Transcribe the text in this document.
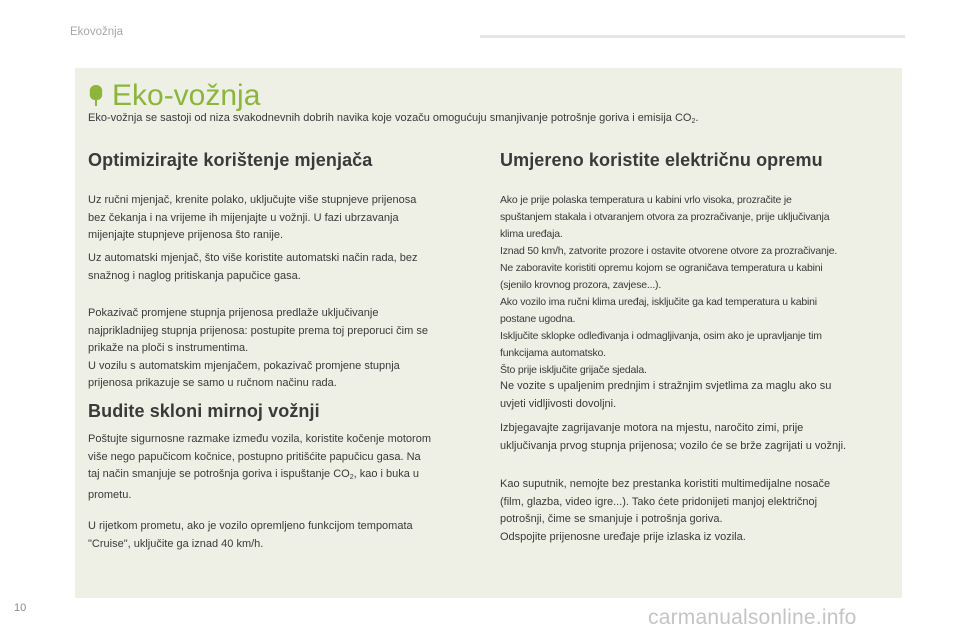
Ekovožnja
Eko-vožnja
Eko-vožnja se sastoji od niza svakodnevnih dobrih navika koje vozaču omogućuju smanjivanje potrošnje goriva i emisija $CO_2$.
Optimizirajte korištenje mjenjača
Uz ručni mjenjač, krenite polako, uključujte više stupnjeve prijenosa
bez čekanja i na vrijeme ih mijenjajte u vožnji. U fazi ubrzavanja
mijenjajte stupnjeve prijenosa što ranije.
Uz automatski mjenjač, što više koristite automatski način rada, bez
snažnog i naglog pritiskanja papučice gasa.
Pokazivač promjene stupnja prijenosa predlaže uključivanje
najprikladnijeg stupnja prijenosa: postupite prema toj preporuci čim se
prikaže na ploči s instrumentima.
U vozilu s automatskim mjenjačem, pokazivač promjene stupnja
prijenosa prikazuje se samo u ručnom načinu rada.
Budite skloni mirnoj vožnji
Poštujte sigurnosne razmake između vozila, koristite kočenje motorom
više nego papučicom kočnice, postupno pritišćite papučicu gasa. Na
taj način smanjuje se potrošnja goriva i ispuštanje $CO_2$, kao i buka u
prometu.
U rijetkom prometu, ako je vozilo opremljeno funkcijom tempomata
"Cruise", uključite ga iznad 40 km/h.
Umjereno koristite električnu opremu
Ako je prije polaska temperatura u kabini vrlo visoka, prozračite je
spuštanjem stakala i otvaranjem otvora za prozračivanje, prije uključivanja
klima uređaja.
Iznad 50 km/h, zatvorite prozore i ostavite otvorene otvore za prozračivanje.
Ne zaboravite koristiti opremu kojom se ograničava temperatura u kabini
(sjenilo krovnog prozora, zavjese...).
Ako vozilo ima ručni klima uređaj, isključite ga kad temperatura u kabini
postane ugodna.
Isključite sklopke odleđivanja i odmagljivanja, osim ako je upravljanje tim
funkcijama automatsko.
Što prije isključite grijače sjedala.
Ne vozite s upaljenim prednjim i stražnjim svjetlima za maglu ako su
uvjeti vidljivosti dovoljni.
Izbjegavajte zagrijavanje motora na mjestu, naročito zimi, prije
uključivanja prvog stupnja prijenosa; vozilo će se brže zagrijati u vožnji.
Kao suputnik, nemojte bez prestanka koristiti multimedijalne nosače
(film, glazba, video igre...). Tako ćete pridonijeti manjoj električnoj
potrošnji, čime se smanjuje i potrošnja goriva.
Odspojite prijenosne uređaje prije izlaska iz vozila.
10	carmanualsonline.info
